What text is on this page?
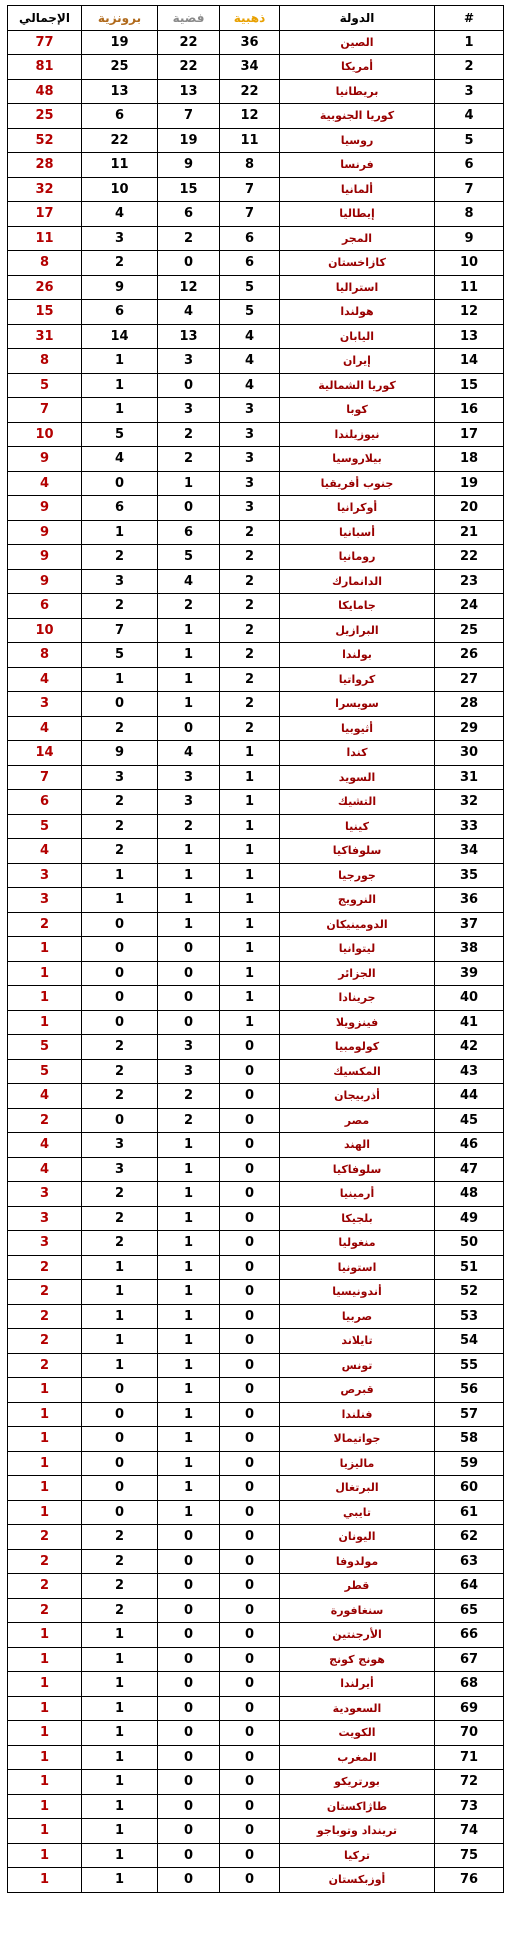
الإجمالي	برونزية	فضية	ذهبية	الدولة	#
77	19	22	36	الصين	1
81	25	22	34	أمريكا	2
48	13	13	22	بريطانيا	3
25	6	7	12	كوريا الجنوبية	4
52	22	19	11	روسيا	5
28	11	9	8	فرنسا	6
32	10	15	7	ألمانيا	7
17	4	6	7	إيطاليا	8
11	3	2	6	المجر	9
8	2	0	6	كازاخستان	10
26	9	12	5	استراليا	11
15	6	4	5	هولندا	12
31	14	13	4	اليابان	13
8	1	3	4	إيران	14
5	1	0	4	كوريا الشمالية	15
7	1	3	3	كوبا	16
10	5	2	3	نيوزيلندا	17
9	4	2	3	بيلاروسيا	18
4	0	1	3	جنوب أفريقيا	19
9	6	0	3	أوكرانيا	20
9	1	6	2	أسبانيا	21
9	2	5	2	رومانيا	22
9	3	4	2	الدانمارك	23
6	2	2	2	جامايكا	24
10	7	1	2	البرازيل	25
8	5	1	2	بولندا	26
4	1	1	2	كرواتيا	27
3	0	1	2	سويسرا	28
4	2	0	2	أثيوبيا	29
14	9	4	1	كندا	30
7	3	3	1	السويد	31
6	2	3	1	التشيك	32
5	2	2	1	كينيا	33
4	2	1	1	سلوفاكيا	34
3	1	1	1	جورجيا	35
3	1	1	1	النرويج	36
2	0	1	1	الدومينيكان	37
1	0	0	1	ليتوانيا	38
1	0	0	1	الجزائر	39
1	0	0	1	جرينادا	40
1	0	0	1	فينزويلا	41
5	2	3	0	كولومبيا	42
5	2	3	0	المكسيك	43
4	2	2	0	أذربيجان	44
2	0	2	0	مصر	45
4	3	1	0	الهند	46
4	3	1	0	سلوفاكيا	47
3	2	1	0	أرمينيا	48
3	2	1	0	بلجيكا	49
3	2	1	0	منغوليا	50
2	1	1	0	استونيا	51
2	1	1	0	أندونيسيا	52
2	1	1	0	صربيا	53
2	1	1	0	تايلاند	54
2	1	1	0	تونس	55
1	0	1	0	قبرص	56
1	0	1	0	فنلندا	57
1	0	1	0	جواتيمالا	58
1	0	1	0	ماليزيا	59
1	0	1	0	البرتغال	60
1	0	1	0	تايبي	61
2	2	0	0	اليونان	62
2	2	0	0	مولدوفا	63
2	2	0	0	قطر	64
2	2	0	0	سنغافورة	65
1	1	0	0	الأرجنتين	66
1	1	0	0	هونج كونج	67
1	1	0	0	أيرلندا	68
1	1	0	0	السعودية	69
1	1	0	0	الكويت	70
1	1	0	0	المغرب	71
1	1	0	0	بورتريكو	72
1	1	0	0	طاژاكستان	73
1	1	0	0	ترينداد وتوباجو	74
1	1	0	0	تركيا	75
1	1	0	0	أوزبكستان	76
